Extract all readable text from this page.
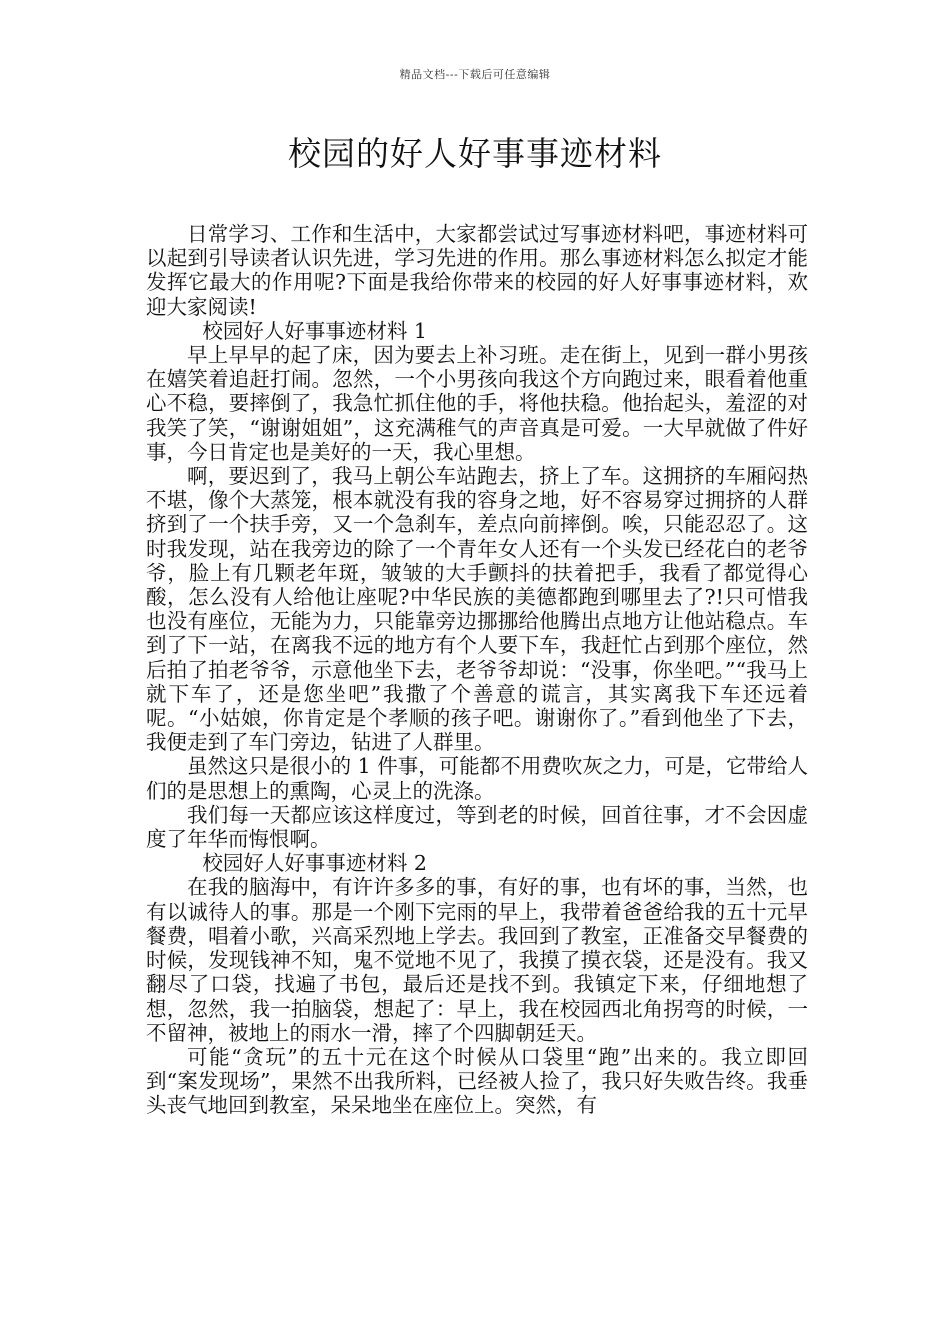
精品文档---下载后可任意编辑
校园的好人好事事迹材料

日常学习、工作和生活中，大家都尝试过写事迹材料吧，事迹材料可以起到引导读者认识先进，学习先进的作用。那么事迹材料怎么拟定才能发挥它最大的作用呢?下面是我给你带来的校园的好人好事事迹材料，欢迎大家阅读!

校园好人好事事迹材料 1

早上早早的起了床，因为要去上补习班。走在街上，见到一群小男孩在嬉笑着追赶打闹。忽然，一个小男孩向我这个方向跑过来，眼看着他重心不稳，要摔倒了，我急忙抓住他的手，将他扶稳。他抬起头，羞涩的对我笑了笑，“谢谢姐姐”，这充满稚气的声音真是可爱。一大早就做了件好事，今日肯定也是美好的一天，我心里想。

啊，要迟到了，我马上朝公车站跑去，挤上了车。这拥挤的车厢闷热不堪，像个大蒸笼，根本就没有我的容身之地，好不容易穿过拥挤的人群挤到了一个扶手旁，又一个急刹车，差点向前摔倒。唉，只能忍忍了。这时我发现，站在我旁边的除了一个青年女人还有一个头发已经花白的老爷爷，脸上有几颗老年斑，皱皱的大手颤抖的扶着把手，我看了都觉得心酸，怎么没有人给他让座呢?中华民族的美德都跑到哪里去了?!只可惜我也没有座位，无能为力，只能靠旁边挪挪给他腾出点地方让他站稳点。车到了下一站，在离我不远的地方有个人要下车，我赶忙占到那个座位，然后拍了拍老爷爷，示意他坐下去，老爷爷却说：“没事，你坐吧。”“我马上就下车了，还是您坐吧”我撒了个善意的谎言，其实离我下车还远着呢。“小姑娘，你肯定是个孝顺的孩子吧。谢谢你了。”看到他坐了下去，我便走到了车门旁边，钻进了人群里。

虽然这只是很小的 1 件事，可能都不用费吹灰之力，可是，它带给人们的是思想上的熏陶，心灵上的洗涤。

我们每一天都应该这样度过，等到老的时候，回首往事，才不会因虚度了年华而悔恨啊。

校园好人好事事迹材料 2

在我的脑海中，有许许多多的事，有好的事，也有坏的事，当然，也有以诚待人的事。那是一个刚下完雨的早上，我带着爸爸给我的五十元早餐费，唱着小歌，兴高采烈地上学去。我回到了教室，正准备交早餐费的时候，发现钱神不知，鬼不觉地不见了，我摸了摸衣袋，还是没有。我又翻尽了口袋，找遍了书包，最后还是找不到。我镇定下来，仔细地想了想，忽然，我一拍脑袋，想起了：早上，我在校园西北角拐弯的时候，一不留神，被地上的雨水一滑，摔了个四脚朝廷天。

可能“贪玩”的五十元在这个时候从口袋里“跑”出来的。我立即回到“案发现场”，果然不出我所料，已经被人捡了，我只好失败告终。我垂头丧气地回到教室，呆呆地坐在座位上。突然，有
